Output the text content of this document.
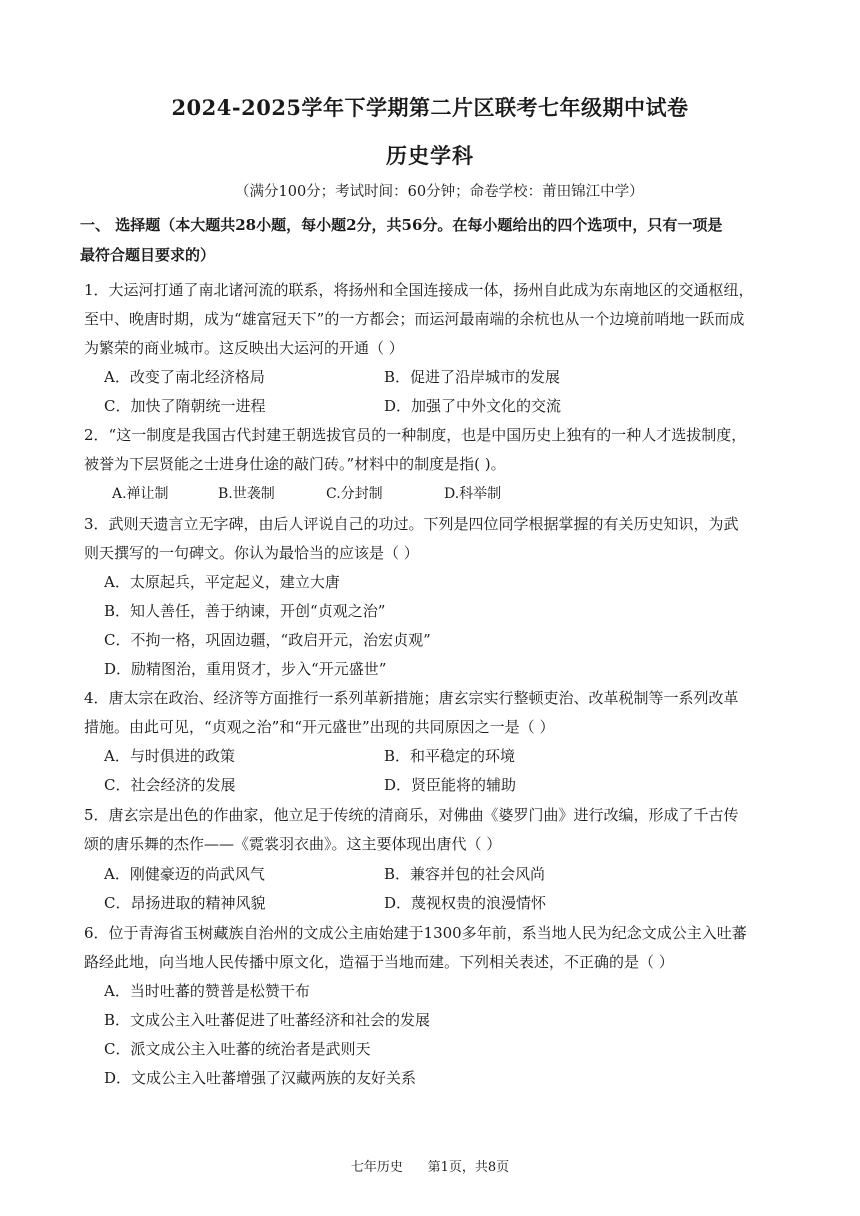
2024-2025学年下学期第二片区联考七年级期中试卷
历史学科
（满分100分；考试时间：60分钟；命卷学校：莆田锦江中学）
一、 选择题（本大题共28小题，每小题2分，共56分。在每小题给出的四个选项中，只有一项是
最符合题目要求的）
1．大运河打通了南北诸河流的联系，将扬州和全国连接成一体，扬州自此成为东南地区的交通枢纽，
至中、晚唐时期，成为“雄富冠天下”的一方都会；而运河最南端的余杭也从一个边境前哨地一跃而成
为繁荣的商业城市。这反映出大运河的开通（ ）
A．改变了南北经济格局	B．促进了沿岸城市的发展
C．加快了隋朝统一进程	D．加强了中外文化的交流
2．“这一制度是我国古代封建王朝选拔官员的一种制度，也是中国历史上独有的一种人才选拔制度，
被誉为下层贤能之士进身仕途的敲门砖。”材料中的制度是指( )。
A.禅让制	B.世袭制	C.分封制	D.科举制
3．武则天遗言立无字碑，由后人评说自己的功过。下列是四位同学根据掌握的有关历史知识，为武
则天撰写的一句碑文。你认为最恰当的应该是（ ）
A．太原起兵，平定起义，建立大唐
B．知人善任，善于纳谏，开创“贞观之治”
C．不拘一格，巩固边疆，“政启开元，治宏贞观”
D．励精图治，重用贤才，步入“开元盛世”
4．唐太宗在政治、经济等方面推行一系列革新措施；唐玄宗实行整顿吏治、改革税制等一系列改革
措施。由此可见，“贞观之治”和“开元盛世”出现的共同原因之一是（ ）
A．与时俱进的政策	B．和平稳定的环境
C．社会经济的发展	D．贤臣能将的辅助
5．唐玄宗是出色的作曲家，他立足于传统的清商乐，对佛曲《婆罗门曲》进行改编，形成了千古传
颂的唐乐舞的杰作——《霓裳羽衣曲》。这主要体现出唐代（ ）
A．刚健豪迈的尚武风气	B．兼容并包的社会风尚
C．昂扬进取的精神风貌	D．蔑视权贵的浪漫情怀
6．位于青海省玉树藏族自治州的文成公主庙始建于1300多年前，系当地人民为纪念文成公主入吐蕃
路经此地，向当地人民传播中原文化，造福于当地而建。下列相关表述，不正确的是（ ）
A．当时吐蕃的赞普是松赞干布
B．文成公主入吐蕃促进了吐蕃经济和社会的发展
C．派文成公主入吐蕃的统治者是武则天
D．文成公主入吐蕃增强了汉藏两族的友好关系
七年历史      第1页，共8页
